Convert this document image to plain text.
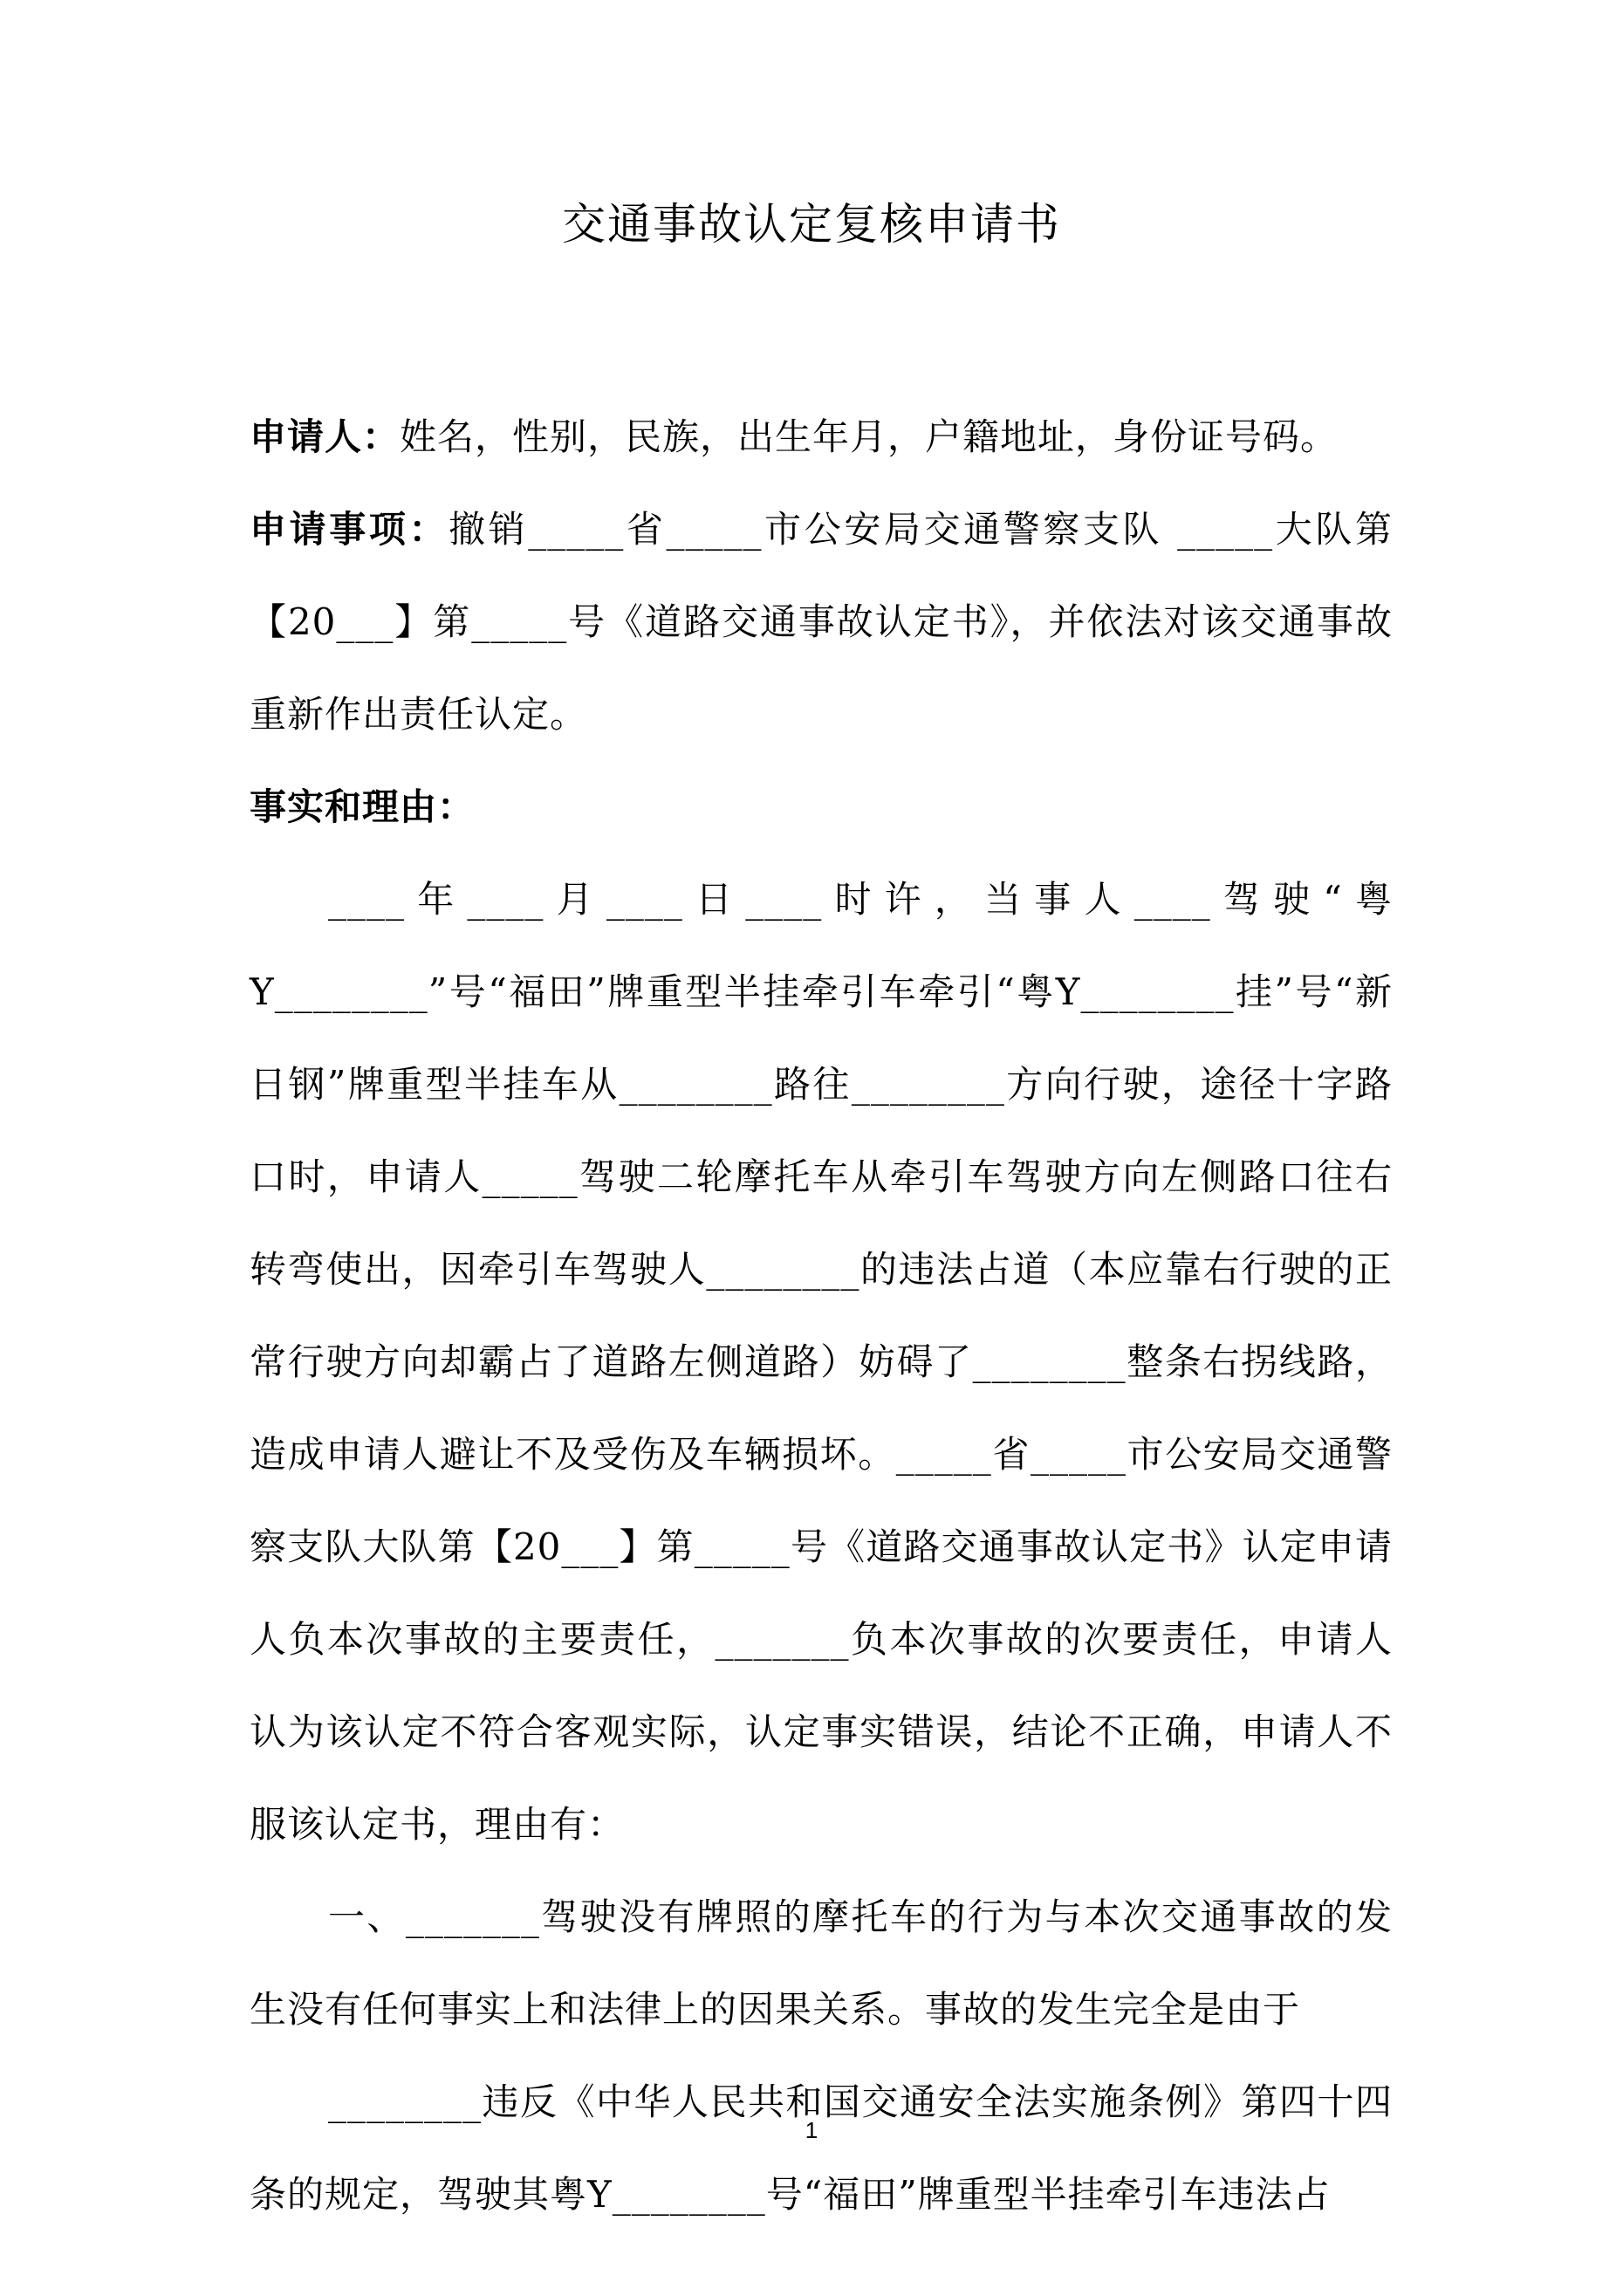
交通事故认定复核申请书

申请人：姓名，性别，民族，出生年月，户籍地址，身份证号码。

申请事项：撤销_____省_____市公安局交通警察支队 _____大队第【20___】第_____号《道路交通事故认定书》，并依法对该交通事故重新作出责任认定。

事实和理由：

____年____月____日____时许，当事人____驾驶“粤Y________”号“福田”牌重型半挂牵引车牵引“粤Y________挂”号“新日钢”牌重型半挂车从________路往________方向行驶，途径十字路口时，申请人_____驾驶二轮摩托车从牵引车驾驶方向左侧路口往右转弯使出，因牵引车驾驶人________的违法占道（本应靠右行驶的正常行驶方向却霸占了道路左侧道路）妨碍了________整条右拐线路，造成申请人避让不及受伤及车辆损坏。_____省_____市公安局交通警察支队大队第【20___】第_____号《道路交通事故认定书》认定申请人负本次事故的主要责任，_______负本次事故的次要责任，申请人认为该认定不符合客观实际，认定事实错误，结论不正确，申请人不服该认定书，理由有：

一、_______驾驶没有牌照的摩托车的行为与本次交通事故的发生没有任何事实上和法律上的因果关系。事故的发生完全是由于

________违反《中华人民共和国交通安全法实施条例》第四十四条的规定，驾驶其粤Y________号“福田”牌重型半挂牵引车违法占

1
